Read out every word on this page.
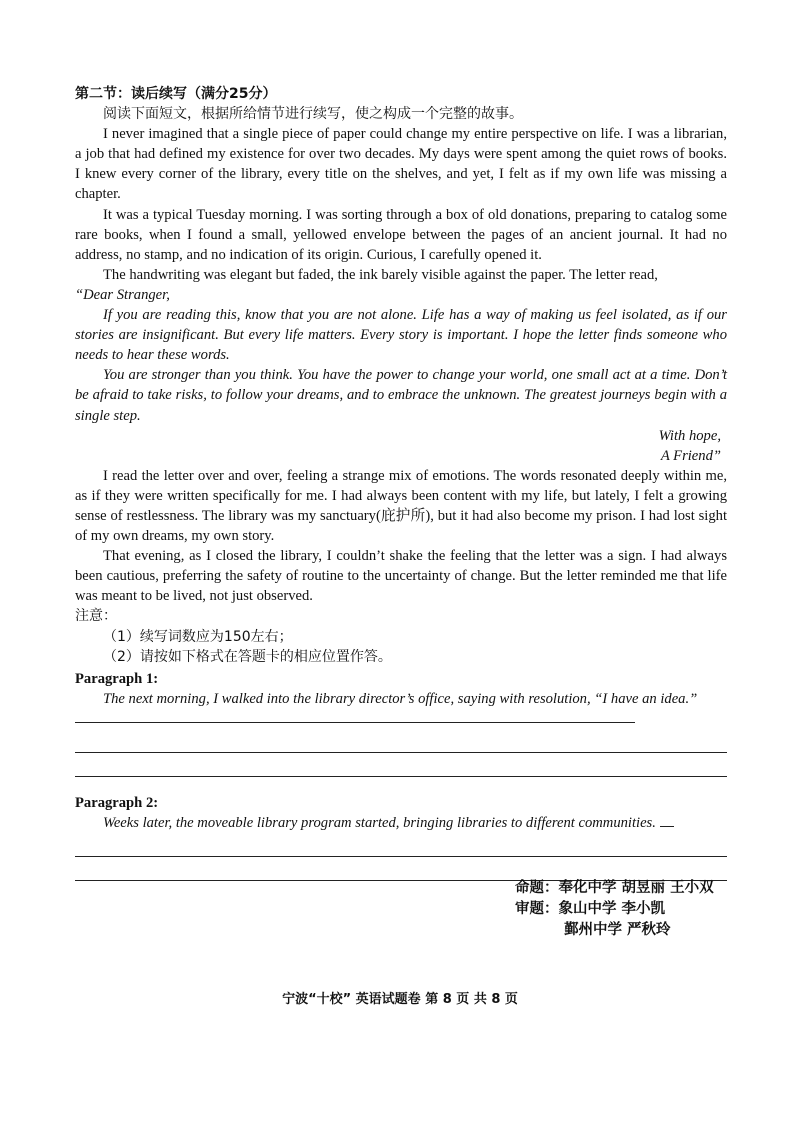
第二节：读后续写（满分25分）

阅读下面短文，根据所给情节进行续写，使之构成一个完整的故事。

I never imagined that a single piece of paper could change my entire perspective on life. I was a librarian, a job that had defined my existence for over two decades. My days were spent among the quiet rows of books. I knew every corner of the library, every title on the shelves, and yet, I felt as if my own life was missing a chapter.

It was a typical Tuesday morning. I was sorting through a box of old donations, preparing to catalog some rare books, when I found a small, yellowed envelope between the pages of an ancient journal. It had no address, no stamp, and no indication of its origin. Curious, I carefully opened it.

The handwriting was elegant but faded, the ink barely visible against the paper. The letter read,

“Dear Stranger,

If you are reading this, know that you are not alone. Life has a way of making us feel isolated, as if our stories are insignificant. But every life matters. Every story is important. I hope the letter finds someone who needs to hear these words.

You are stronger than you think. You have the power to change your world, one small act at a time. Don’t be afraid to take risks, to follow your dreams, and to embrace the unknown. The greatest journeys begin with a single step.

With hope,
A Friend”

I read the letter over and over, feeling a strange mix of emotions. The words resonated deeply within me, as if they were written specifically for me. I had always been content with my life, but lately, I felt a growing sense of restlessness. The library was my sanctuary(庇护所), but it had also become my prison. I had lost sight of my own dreams, my own story.

That evening, as I closed the library, I couldn’t shake the feeling that the letter was a sign. I had always been cautious, preferring the safety of routine to the uncertainty of change. But the letter reminded me that life was meant to be lived, not just observed.

注意：
（1）续写词数应为150左右；
（2）请按如下格式在答题卡的相应位置作答。
Paragraph 1:

The next morning, I walked into the library director’s office, saying with resolution, “I have an idea.”

Paragraph 2:

Weeks later, the moveable library program started, bringing libraries to different communities.

命题：奉化中学 胡昱丽 王小双
审题：象山中学 李小凯
鄞州中学 严秋玲
宁波“十校” 英语试题卷 第 8 页 共 8 页
